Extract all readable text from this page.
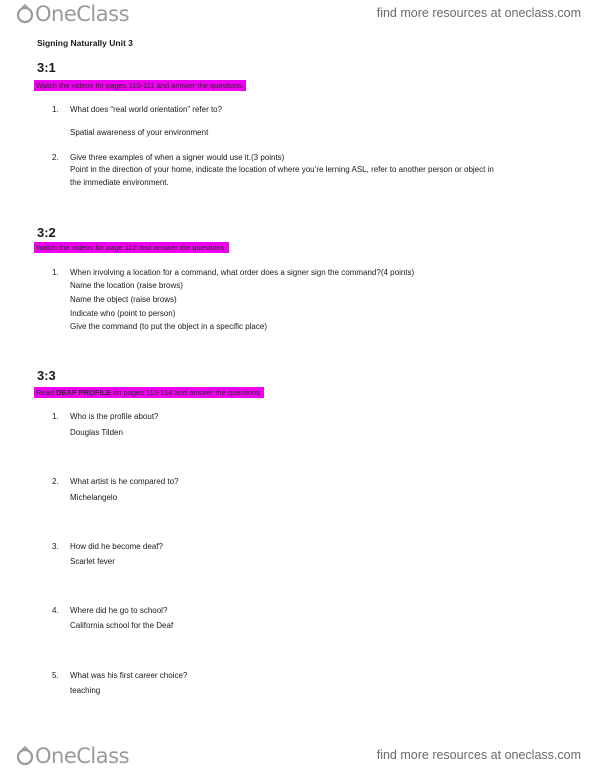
OneClass	find more resources at oneclass.com
Signing Naturally Unit 3
3:1
Watch the videos for pages 110-111 and answer the questions.
1. What does “real world orientation” refer to?
Spatial awareness of your environment
2. Give three examples of when a signer would use it.(3 points)
Point in the direction of your home, indicate the location of where you’re lerning ASL, refer to another person or object in
the immediate environment.
3:2
Watch the videos for page 112 and answer the questions.
1. When involving a location for a command, what order does a signer sign the command?(4 points)
Name the location (raise brows)
Name the object (raise brows)
Indicate who (point to person)
Give the command (to put the object in a specific place)
3:3
Read DEAF PROFILE on pages 113-114 and answer the questions.
1. Who is the profile about?
Douglas Tilden
2. What artist is he compared to?
Michelangelo
3. How did he become deaf?
Scarlet fever
4. Where did he go to school?
California school for the Deaf
5. What was his first career choice?
teaching
OneClass	find more resources at oneclass.com
